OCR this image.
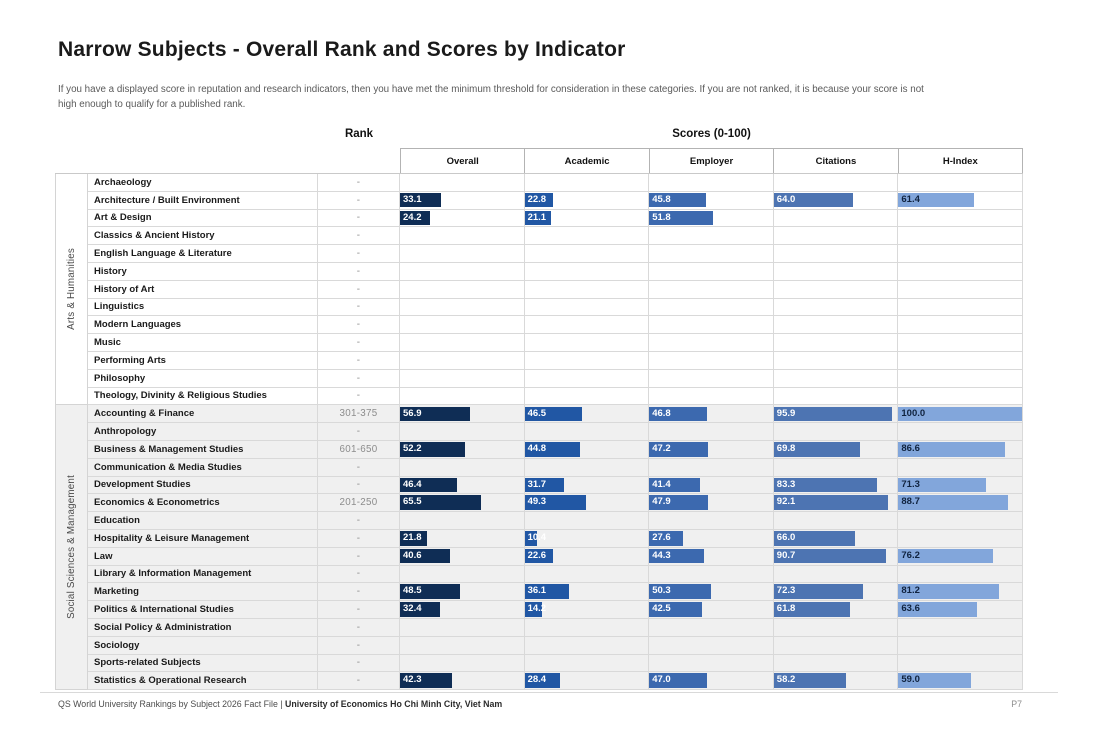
Narrow Subjects - Overall Rank and Scores by Indicator
If you have a displayed score in reputation and research indicators, then you have met the minimum threshold for consideration in these categories. If you are not ranked, it is because your score is not
high enough to qualify for a published rank.
Rank	Scores (0-100)
Overall	Academic	Employer	Citations	H-Index
Arts & Humanities
Archaeology	-
Architecture / Built Environment	-	33.1	22.8	45.8	64.0	61.4
Art & Design	-	24.2	21.1	51.8
Classics & Ancient History	-
English Language & Literature	-
History	-
History of Art	-
Linguistics	-
Modern Languages	-
Music	-
Performing Arts	-
Philosophy	-
Theology, Divinity & Religious Studies	-
Social Sciences & Management
Accounting & Finance	301-375	56.9	46.5	46.8	95.9	100.0
Anthropology	-
Business & Management Studies	601-650	52.2	44.8	47.2	69.8	86.6
Communication & Media Studies	-
Development Studies	-	46.4	31.7	41.4	83.3	71.3
Economics & Econometrics	201-250	65.5	49.3	47.9	92.1	88.7
Education	-
Hospitality & Leisure Management	-	21.8	10.4	27.6	66.0
Law	-	40.6	22.6	44.3	90.7	76.2
Library & Information Management	-
Marketing	-	48.5	36.1	50.3	72.3	81.2
Politics & International Studies	-	32.4	14.2	42.5	61.8	63.6
Social Policy & Administration	-
Sociology	-
Sports-related Subjects	-
Statistics & Operational Research	-	42.3	28.4	47.0	58.2	59.0
QS World University Rankings by Subject 2026 Fact File | University of Economics Ho Chi Minh City, Viet Nam	P7
